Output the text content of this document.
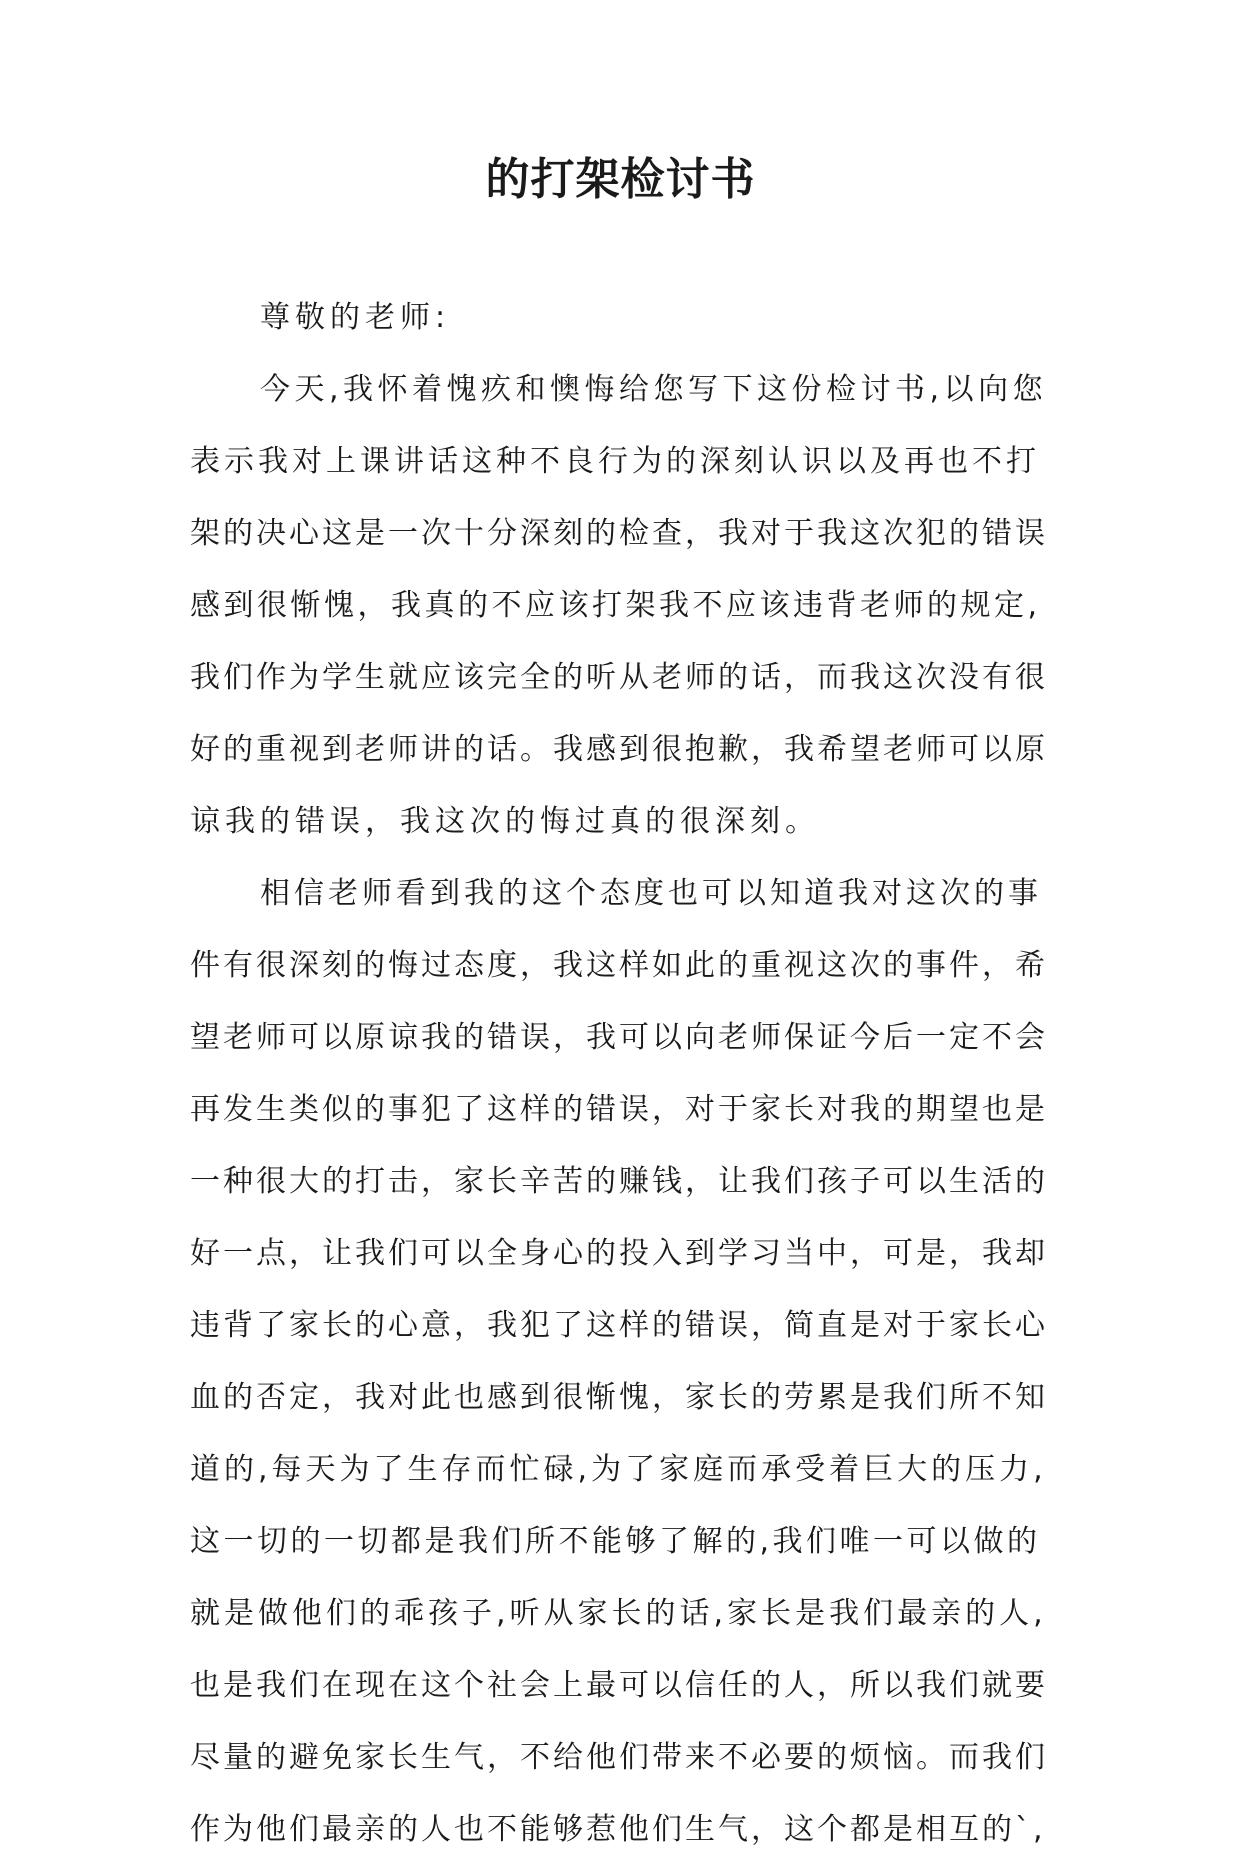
的打架检讨书
尊敬的老师:
今天,我怀着愧疚和懊悔给您写下这份检讨书,以向您
表示我对上课讲话这种不良行为的深刻认识以及再也不打
架的决心这是一次十分深刻的检查，我对于我这次犯的错误
感到很惭愧，我真的不应该打架我不应该违背老师的规定,
我们作为学生就应该完全的听从老师的话，而我这次没有很
好的重视到老师讲的话。我感到很抱歉，我希望老师可以原
谅我的错误，我这次的悔过真的很深刻。
相信老师看到我的这个态度也可以知道我对这次的事
件有很深刻的悔过态度，我这样如此的重视这次的事件，希
望老师可以原谅我的错误，我可以向老师保证今后一定不会
再发生类似的事犯了这样的错误，对于家长对我的期望也是
一种很大的打击，家长辛苦的赚钱，让我们孩子可以生活的
好一点，让我们可以全身心的投入到学习当中，可是，我却
违背了家长的心意，我犯了这样的错误，简直是对于家长心
血的否定，我对此也感到很惭愧，家长的劳累是我们所不知
道的,每天为了生存而忙碌,为了家庭而承受着巨大的压力,
这一切的一切都是我们所不能够了解的,我们唯一可以做的
就是做他们的乖孩子,听从家长的话,家长是我们最亲的人,
也是我们在现在这个社会上最可以信任的人，所以我们就要
尽量的避免家长生气，不给他们带来不必要的烦恼。而我们
作为他们最亲的人也不能够惹他们生气，这个都是相互的`,
